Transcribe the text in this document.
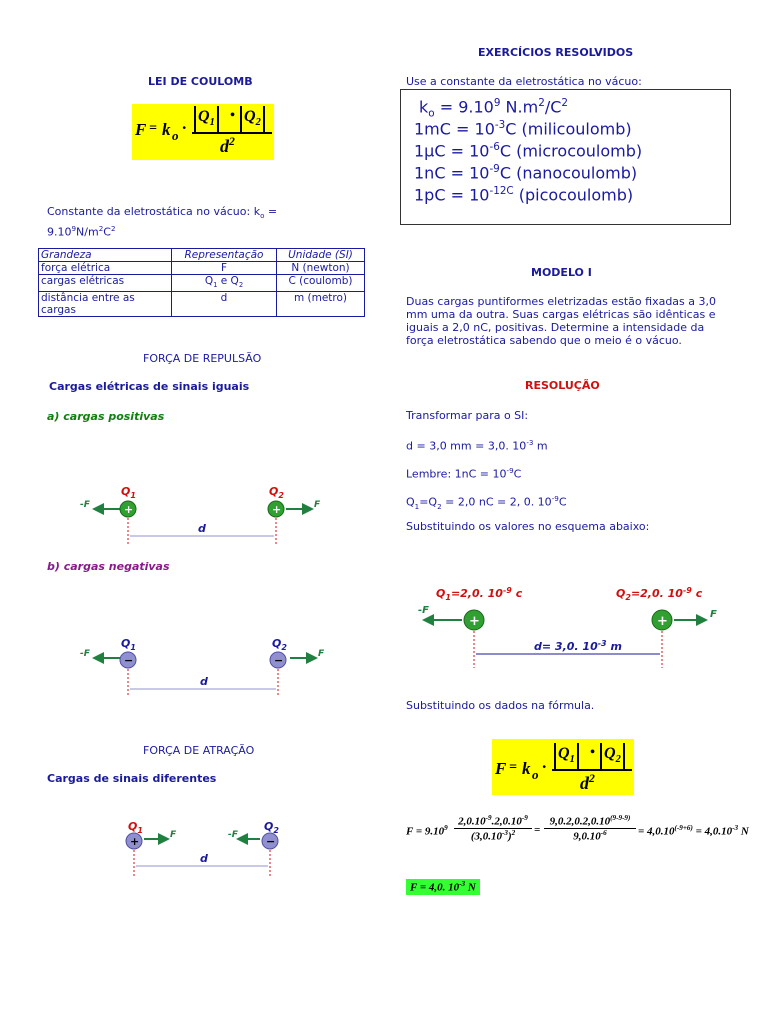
LEI DE COULOMB
F = k o ·
$Q_1$ • $Q_2$
$d^2$
Constante da eletrostática no vácuo: $k_o$ =
$9.10^9N/m^2C^2$
Grandeza	Representação	Unidade (SI)
força elétrica	F	N (newton)
cargas elétricas	$Q_1$ e $Q_2$	C (coulomb)
distância entre as cargas	d	m (metro)
FORÇA DE REPULSÃO
Cargas elétricas de sinais iguais
a) cargas positivas
$Q_1$	$Q_2$
-F	+	+	F
d
b) cargas negativas
$Q_1$	$Q_2$
-F	−	−	F
d
FORÇA DE ATRAÇÃO
Cargas de sinais diferentes
$Q_1$	$Q_2$
+	F	-F	−
d
EXERCÍCIOS RESOLVIDOS
Use a constante da eletrostática no vácuo:
$k_o = 9.10^9$ $N.m^2/C^2$
$1mC = 10^{-3}C$ (milicoulomb)
$1\mu C = 10^{-6}C$ (microcoulomb)
$1nC = 10^{-9}C$ (nanocoulomb)
$1pC = 10^{-12C}$ (picocoulomb)
MODELO I
Duas cargas puntiformes eletrizadas estão fixadas a 3,0 mm uma da outra. Suas cargas elétricas são idênticas e iguais a 2,0 nC, positivas. Determine a intensidade da força eletrostática sabendo que o meio é o vácuo.
RESOLUÇÃO
Transformar para o SI:
d = 3,0 mm = 3,0. $10^{-3}$ m
Lembre: $1nC = 10^{-9}C$
$Q_1=Q_2 = 2,0$ nC = 2, 0. $10^{-9}C$
Substituindo os valores no esquema abaixo:
$Q_1=2,0$. $10^{-9}$ c	$Q_2=2,0$. $10^{-9}$ c
-F
+	+	F
d= 3,0. $10^{-3}$ m
Substituindo os dados na fórmula.
F = k o ·
$Q_1$ • $Q_2$
$d^2$
$F = 9.10^9$
$2,0.10^{-9}.2,0.10^{-9}$
$(3,0.10^{-3})^2$	=
$9,0.2,0.2,0.10^{(9-9-9)}$
$9,0.10^{-6}$	= $4,0.10^{(-9+6)} = 4,0.10^{-3}$ N
F = 4,0. $10^{-3}$ N
